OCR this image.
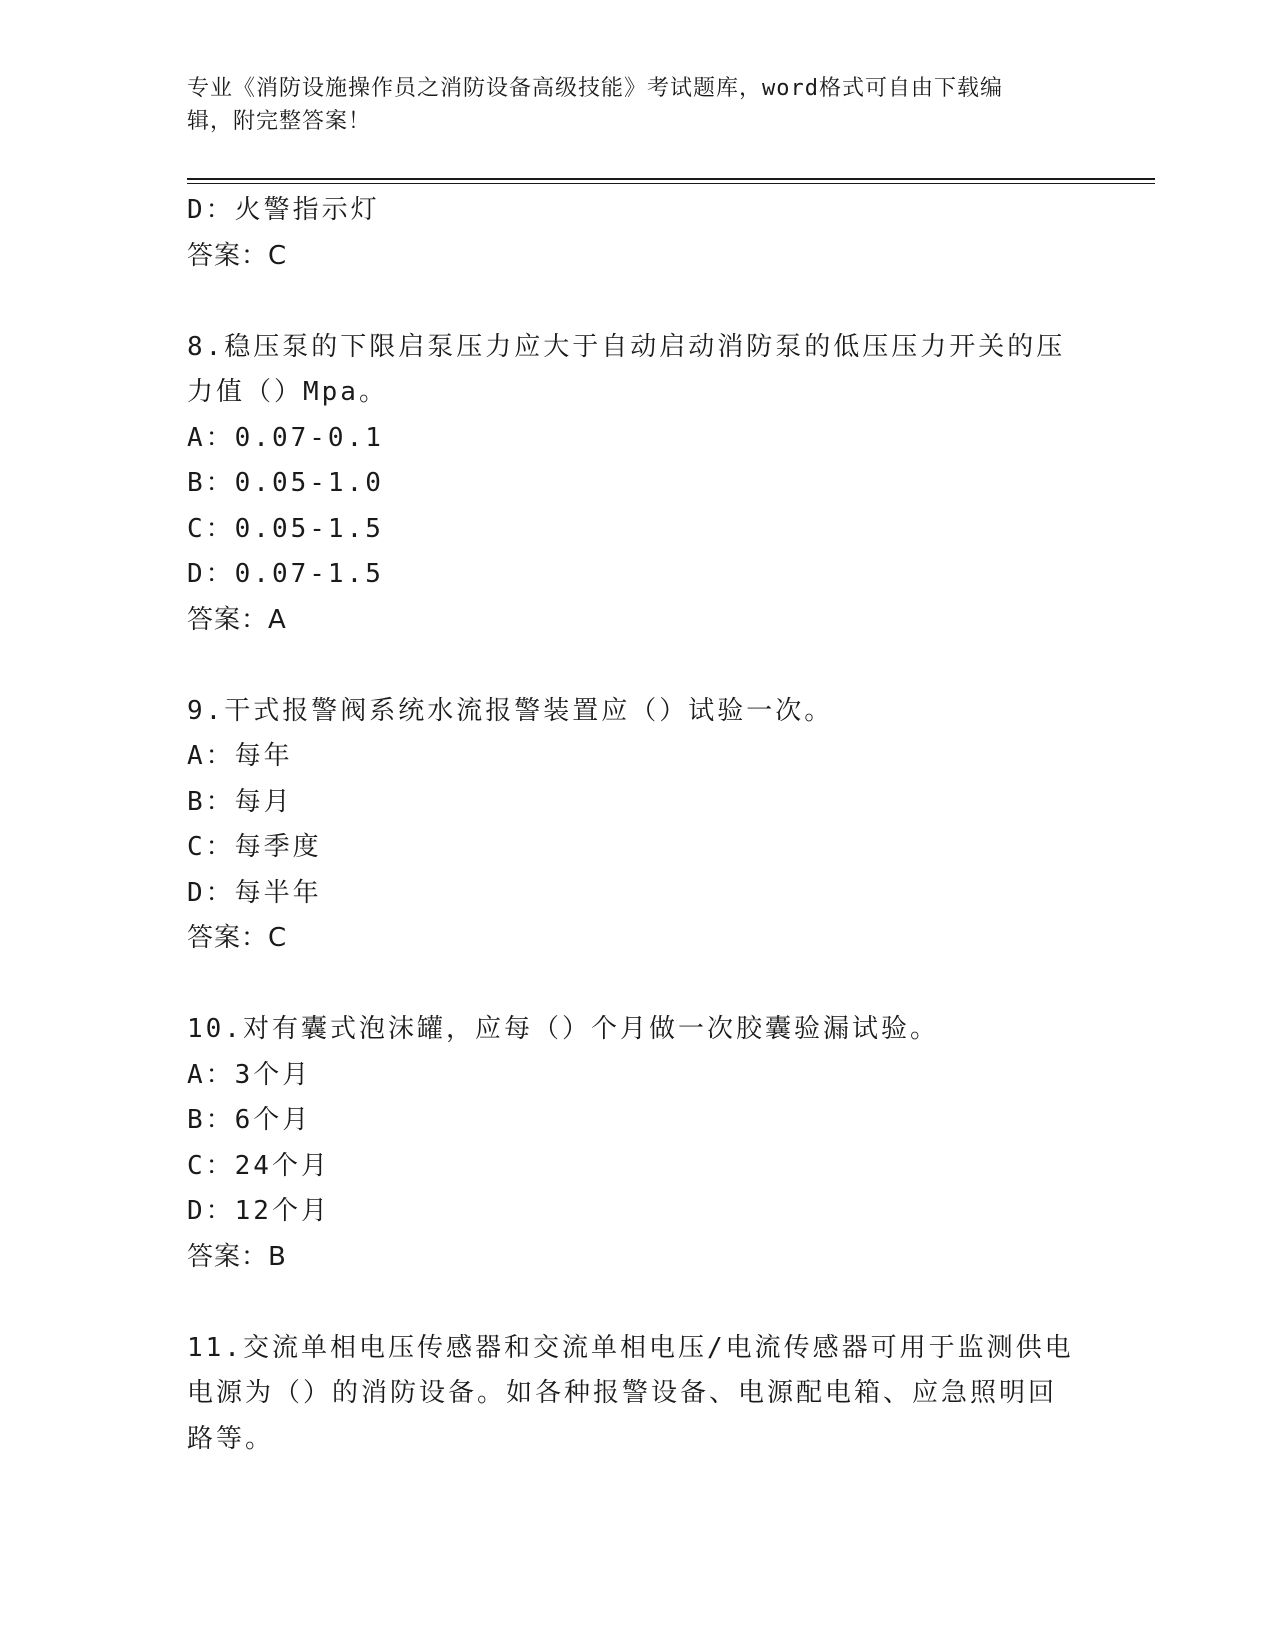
专业《消防设施操作员之消防设备高级技能》考试题库，word格式可自由下载编
辑，附完整答案！
D：火警指示灯
答案：C
8.稳压泵的下限启泵压力应大于自动启动消防泵的低压压力开关的压
力值（）Mpa。
A：0.07-0.1
B：0.05-1.0
C：0.05-1.5
D：0.07-1.5
答案：A
9.干式报警阀系统水流报警装置应（）试验一次。
A：每年
B：每月
C：每季度
D：每半年
答案：C
10.对有囊式泡沫罐，应每（）个月做一次胶囊验漏试验。
A：3个月
B：6个月
C：24个月
D：12个月
答案：B
11.交流单相电压传感器和交流单相电压/电流传感器可用于监测供电
电源为（）的消防设备。如各种报警设备、电源配电箱、应急照明回
路等。
